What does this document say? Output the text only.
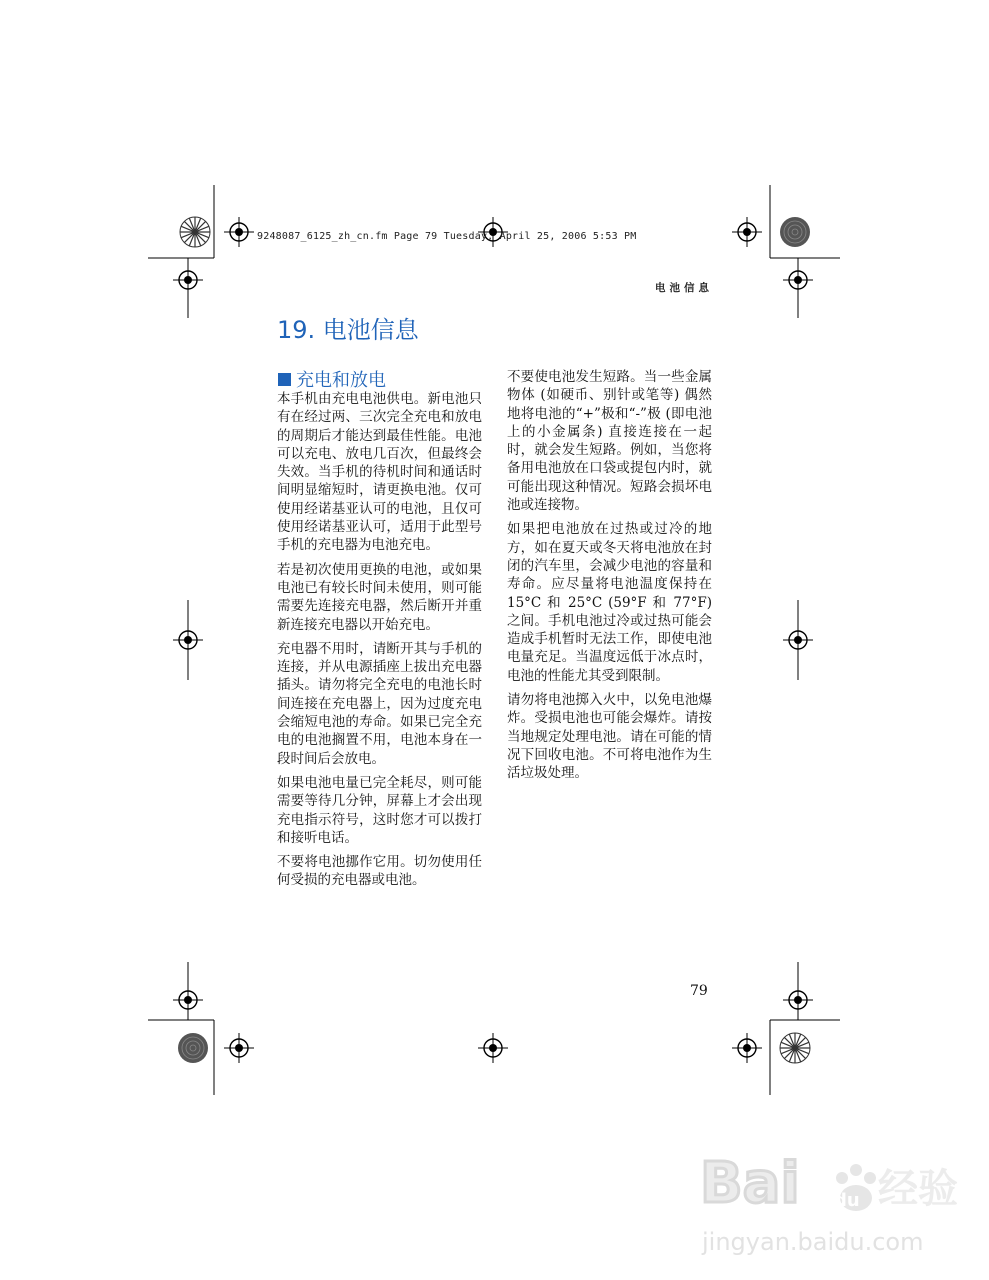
9248087_6125_zh_cn.fm Page 79 Tuesday, April 25, 2006 5:53 PM
电池信息
19. 电池信息
充电和放电

本手机由充电电池供电。新电池只有在经过两、三次完全充电和放电的周期后才能达到最佳性能。电池可以充电、放电几百次，但最终会失效。当手机的待机时间和通话时间明显缩短时，请更换电池。仅可使用经诺基亚认可的电池，且仅可使用经诺基亚认可，适用于此型号手机的充电器为电池充电。

若是初次使用更换的电池，或如果电池已有较长时间未使用，则可能需要先连接充电器，然后断开并重新连接充电器以开始充电。

充电器不用时，请断开其与手机的连接，并从电源插座上拔出充电器插头。请勿将完全充电的电池长时间连接在充电器上，因为过度充电会缩短电池的寿命。如果已完全充电的电池搁置不用，电池本身在一段时间后会放电。

如果电池电量已完全耗尽，则可能需要等待几分钟，屏幕上才会出现充电指示符号，这时您才可以拨打和接听电话。

不要将电池挪作它用。切勿使用任何受损的充电器或电池。

不要使电池发生短路。当一些金属物体 (如硬币、别针或笔等) 偶然地将电池的“+”极和“-”极 (即电池上的小金属条) 直接连接在一起时，就会发生短路。例如，当您将备用电池放在口袋或提包内时，就可能出现这种情况。短路会损坏电池或连接物。

如果把电池放在过热或过冷的地方，如在夏天或冬天将电池放在封闭的汽车里，会减少电池的容量和寿命。应尽量将电池温度保持在 15°C 和 25°C (59°F 和 77°F) 之间。手机电池过冷或过热可能会造成手机暂时无法工作，即使电池电量充足。当温度远低于冰点时，电池的性能尤其受到限制。

请勿将电池掷入火中，以免电池爆炸。受损电池也可能会爆炸。请按当地规定处理电池。请在可能的情况下回收电池。不可将电池作为生活垃圾处理。

79
Bai du 经验
jingyan.baidu.com
